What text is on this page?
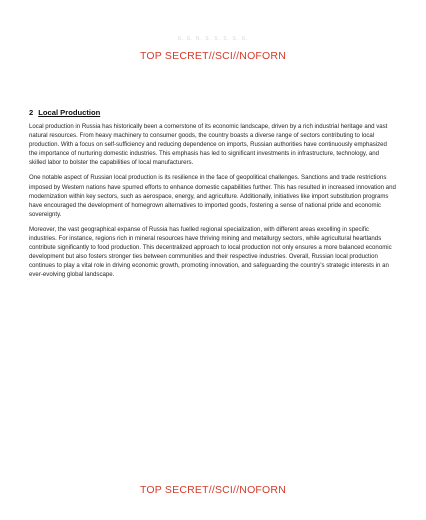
S. S. N. S. S. S. S. S.
TOP SECRET//SCI//NOFORN
2 Local Production

Local production in Russia has historically been a cornerstone of its economic landscape, driven by a rich industrial heritage and vast natural resources. From heavy machinery to consumer goods, the country boasts a diverse range of sectors contributing to local production. With a focus on self-sufficiency and reducing dependence on imports, Russian authorities have continuously emphasized the importance of nurturing domestic industries. This emphasis has led to significant investments in infrastructure, technology, and skilled labor to bolster the capabilities of local manufacturers.

One notable aspect of Russian local production is its resilience in the face of geopolitical challenges. Sanctions and trade restrictions imposed by Western nations have spurred efforts to enhance domestic capabilities further. This has resulted in increased innovation and modernization within key sectors, such as aerospace, energy, and agriculture. Additionally, initiatives like import substitution programs have encouraged the development of homegrown alternatives to imported goods, fostering a sense of national pride and economic sovereignty.

Moreover, the vast geographical expanse of Russia has fuelled regional specialization, with different areas excelling in specific industries. For instance, regions rich in mineral resources have thriving mining and metallurgy sectors, while agricultural heartlands contribute significantly to food production. This decentralized approach to local production not only ensures a more balanced economic development but also fosters stronger ties between communities and their respective industries. Overall, Russian local production continues to play a vital role in driving economic growth, promoting innovation, and safeguarding the country's strategic interests in an ever-evolving global landscape.

TOP SECRET//SCI//NOFORN
